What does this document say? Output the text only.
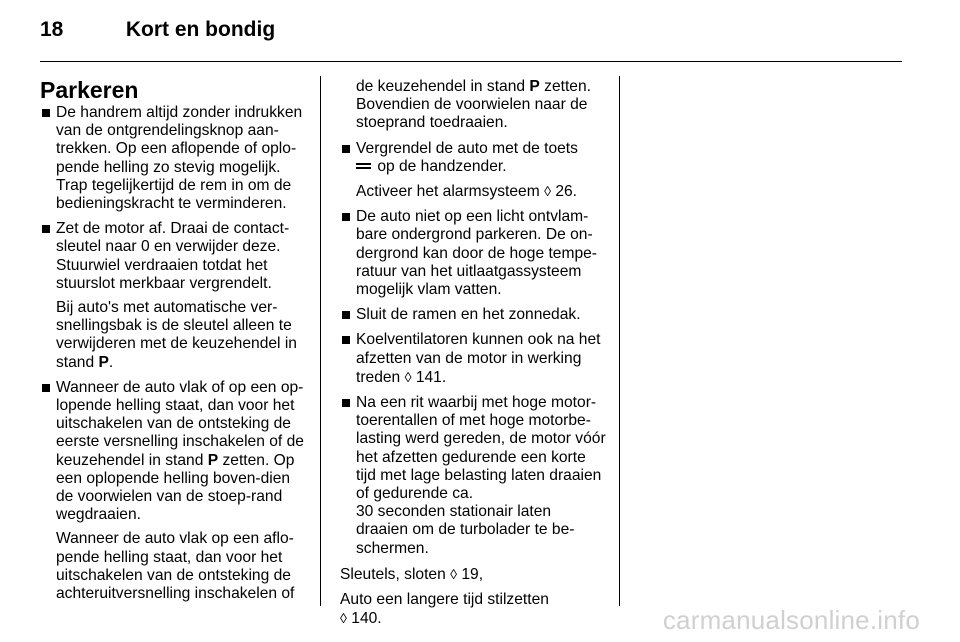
18	Kort en bondig
Parkeren
De handrem altijd zonder indrukken van de ontgrendelingsknop aan-trekken. Op een aflopende of oplo-pende helling zo stevig mogelijk. Trap tegelijkertijd de rem in om de bedieningskracht te verminderen.
Zet de motor af. Draai de contact-sleutel naar 0 en verwijder deze. Stuurwiel verdraaien totdat het stuurslot merkbaar vergrendelt.
Bij auto's met automatische ver-snellingsbak is de sleutel alleen te verwijderen met de keuzehendel in stand P.
Wanneer de auto vlak of op een op-lopende helling staat, dan voor het uitschakelen van de ontsteking de eerste versnelling inschakelen of de keuzehendel in stand P zetten. Op een oplopende helling boven-dien de voorwielen van de stoep-rand wegdraaien.
Wanneer de auto vlak op een aflo-pende helling staat, dan voor het uitschakelen van de ontsteking de achteruitversnelling inschakelen of
de keuzehendel in stand P zetten. Bovendien de voorwielen naar de stoeprand toedraaien.
Vergrendel de auto met de toets
op de handzender.
Activeer het alarmsysteem ◊ 26.
De auto niet op een licht ontvlam-bare ondergrond parkeren. De on-dergrond kan door de hoge tempe-ratuur van het uitlaatgassysteem mogelijk vlam vatten.
Sluit de ramen en het zonnedak.
Koelventilatoren kunnen ook na het afzetten van de motor in werking treden ◊ 141.
Na een rit waarbij met hoge motor-toerentallen of met hoge motorbe-lasting werd gereden, de motor vóór het afzetten gedurende een korte tijd met lage belasting laten draaien of gedurende ca.
30 seconden stationair laten draaien om de turbolader te be-schermen.
Sleutels, sloten ◊ 19,
Auto een langere tijd stilzetten
◊ 140.	carmanualsonline.info
